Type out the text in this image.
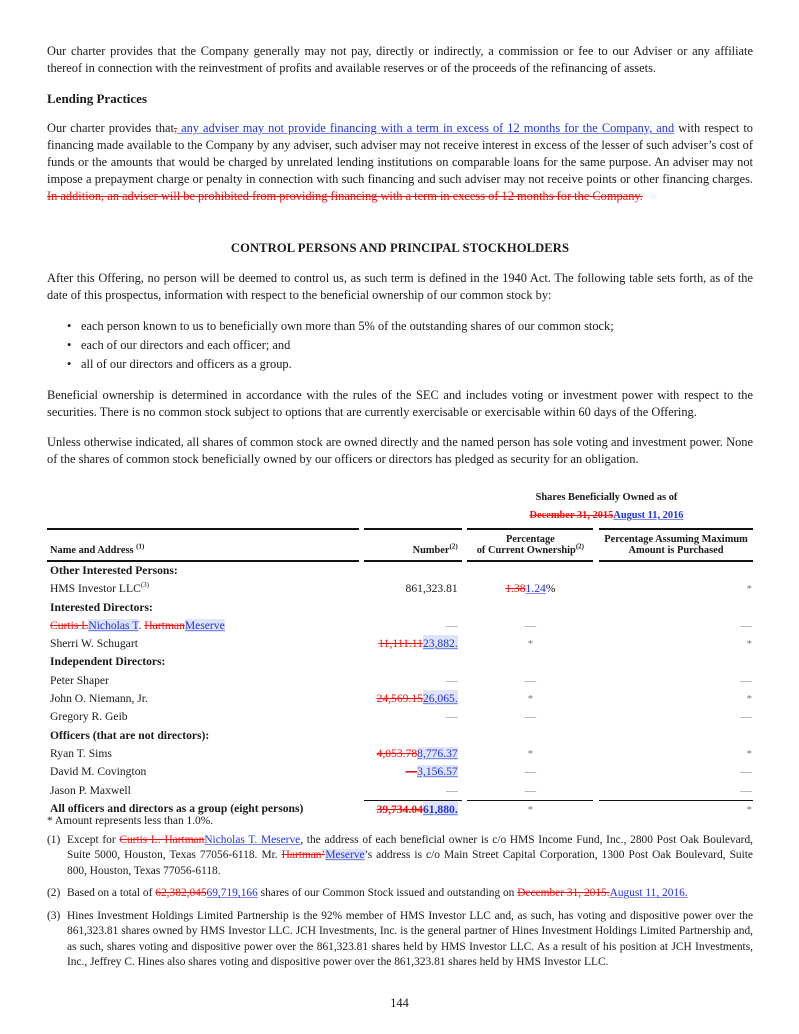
Our charter provides that the Company generally may not pay, directly or indirectly, a commission or fee to our Adviser or any affiliate thereof in connection with the reinvestment of profits and available reserves or of the proceeds of the refinancing of assets.

Lending Practices

Our charter provides that, any adviser may not provide financing with a term in excess of 12 months for the Company, and with respect to financing made available to the Company by any adviser, such adviser may not receive interest in excess of the lesser of such adviser’s cost of funds or the amounts that would be charged by unrelated lending institutions on comparable loans for the same purpose. An adviser may not impose a prepayment charge or penalty in connection with such financing and such adviser may not receive points or other financing charges. In addition, an adviser will be prohibited from providing financing with a term in excess of 12 months for the Company.

CONTROL PERSONS AND PRINCIPAL STOCKHOLDERS

After this Offering, no person will be deemed to control us, as such term is defined in the 1940 Act. The following table sets forth, as of the date of this prospectus, information with respect to the beneficial ownership of our common stock by:

• each person known to us to beneficially own more than 5% of the outstanding shares of our common stock;
• each of our directors and each officer; and
• all of our directors and officers as a group.

Beneficial ownership is determined in accordance with the rules of the SEC and includes voting or investment power with respect to the securities. There is no common stock subject to options that are currently exercisable or exercisable within 60 days of the Offering.

Unless otherwise indicated, all shares of common stock are owned directly and the named person has sole voting and investment power. None of the shares of common stock beneficially owned by our officers or directors has pledged as security for an obligation.

Shares Beneficially Owned as of
December 31, 2015August 11, 2016
Name and Address $^{(1)}$		Number$^{(2)}$		Percentage
of Current Ownership$^{(2)}$		Percentage Assuming Maximum
Amount is Purchased
Other Interested Persons:						
HMS Investor LLC$^{(3)}$		861,323.81		1.381.24%		*
Interested Directors:						
Curtis LNicholas T. HartmanMeserve		—		—		—
Sherri W. Schugart		11,111.1123,882.		*		*
Independent Directors:						
Peter Shaper		—		—		—
John O. Niemann, Jr.		24,569.1526,065.		*		*
Gregory R. Geib		—		—		—
Officers (that are not directors):						
Ryan T. Sims		4,053.788,776.37		*		*
David M. Covington		—3,156.57		—		—
Jason P. Maxwell		—		—		—
All officers and directors as a group (eight persons)		39,734.0461,880.		*		*
* Amount represents less than 1.0%.
(1) Except for Curtis L. HartmanNicholas T. Meserve, the address of each beneficial owner is c/o HMS Income Fund, Inc., 2800 Post Oak Boulevard, Suite 5000, Houston, Texas 77056-6118. Mr. Hartman’Meserve’s address is c/o Main Street Capital Corporation, 1300 Post Oak Boulevard, Suite 800, Houston, Texas 77056-6118.
(2) Based on a total of 62,382,04569,719,166 shares of our Common Stock issued and outstanding on December 31, 2015.August 11, 2016.
(3) Hines Investment Holdings Limited Partnership is the 92% member of HMS Investor LLC and, as such, has voting and dispositive power over the 861,323.81 shares owned by HMS Investor LLC. JCH Investments, Inc. is the general partner of Hines Investment Holdings Limited Partnership and, as such, shares voting and dispositive power over the 861,323.81 shares held by HMS Investor LLC. As a result of his position at JCH Investments, Inc., Jeffrey C. Hines also shares voting and dispositive power over the 861,323.81 shares held by HMS Investor LLC.
144
